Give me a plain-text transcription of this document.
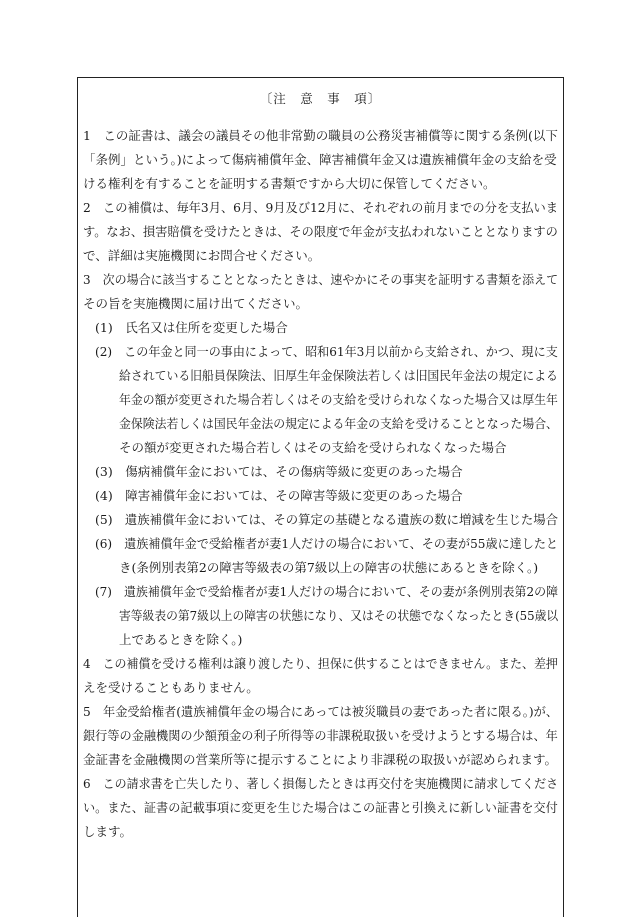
〔注　意　事　項〕
1　この証書は、議会の議員その他非常勤の職員の公務災害補償等に関する条例(以下
「条例」という。)によって傷病補償年金、障害補償年金又は遺族補償年金の支給を受
ける権利を有することを証明する書類ですから大切に保管してください。
2　この補償は、毎年3月、6月、9月及び12月に、それぞれの前月までの分を支払いま
す。なお、損害賠償を受けたときは、その限度で年金が支払われないこととなりますの
で、詳細は実施機関にお問合せください。
3　次の場合に該当することとなったときは、速やかにその事実を証明する書類を添えて
その旨を実施機関に届け出てください。
(1)　氏名又は住所を変更した場合
(2)　この年金と同一の事由によって、昭和61年3月以前から支給され、かつ、現に支
給されている旧船員保険法、旧厚生年金保険法若しくは旧国民年金法の規定による
年金の額が変更された場合若しくはその支給を受けられなくなった場合又は厚生年
金保険法若しくは国民年金法の規定による年金の支給を受けることとなった場合、
その額が変更された場合若しくはその支給を受けられなくなった場合
(3)　傷病補償年金においては、その傷病等級に変更のあった場合
(4)　障害補償年金においては、その障害等級に変更のあった場合
(5)　遺族補償年金においては、その算定の基礎となる遺族の数に増減を生じた場合
(6)　遺族補償年金で受給権者が妻1人だけの場合において、その妻が55歳に達したと
き(条例別表第2の障害等級表の第7級以上の障害の状態にあるときを除く。)
(7)　遺族補償年金で受給権者が妻1人だけの場合において、その妻が条例別表第2の障
害等級表の第7級以上の障害の状態になり、又はその状態でなくなったとき(55歳以
上であるときを除く。)
4　この補償を受ける権利は譲り渡したり、担保に供することはできません。また、差押
えを受けることもありません。
5　年金受給権者(遺族補償年金の場合にあっては被災職員の妻であった者に限る。)が、
銀行等の金融機関の少額預金の利子所得等の非課税取扱いを受けようとする場合は、年
金証書を金融機関の営業所等に提示することにより非課税の取扱いが認められます。
6　この請求書を亡失したり、著しく損傷したときは再交付を実施機関に請求してくださ
い。また、証書の記載事項に変更を生じた場合はこの証書と引換えに新しい証書を交付
します。
